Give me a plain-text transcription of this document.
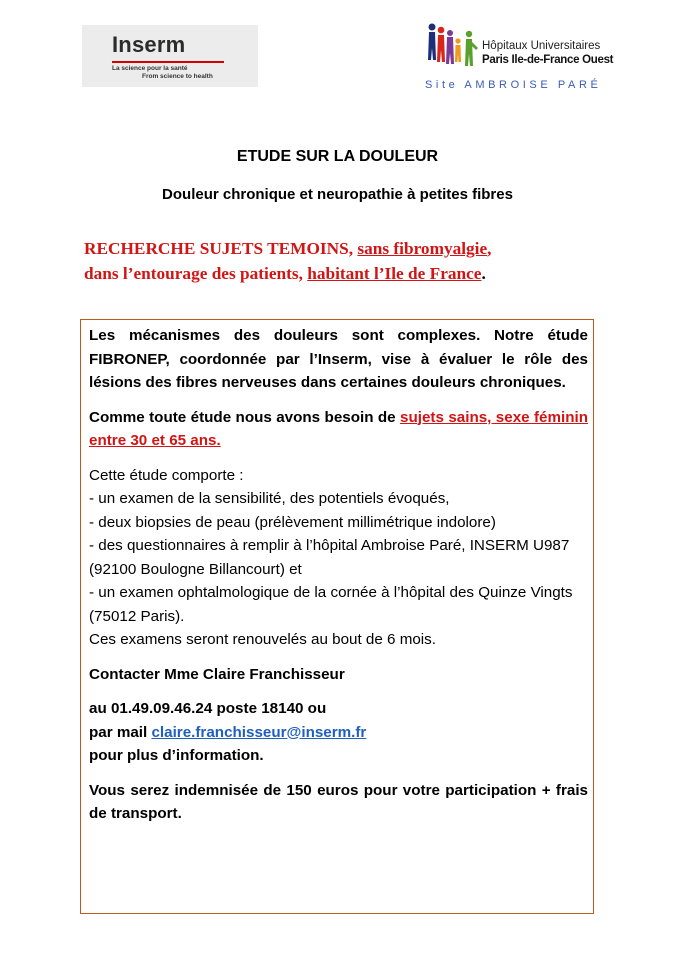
Inserm
La science pour la santé
From science to health
Hôpitaux Universitaires
Paris Ile-de-France Ouest
Site AMBROISE PARÉ
ETUDE SUR LA DOULEUR
Douleur chronique et neuropathie à petites fibres
RECHERCHE SUJETS TEMOINS, sans fibromyalgie,
dans l’entourage des patients, habitant l’Ile de France.

Les mécanismes des douleurs sont complexes. Notre étude FIBRONEP, coordonnée par l’Inserm, vise à évaluer le rôle des lésions des fibres nerveuses dans certaines douleurs chroniques.

Comme toute étude nous avons besoin de sujets sains, sexe féminin entre 30 et 65 ans.

Cette étude comporte :
- un examen de la sensibilité, des potentiels évoqués,
- deux biopsies de peau (prélèvement millimétrique indolore)
- des questionnaires à remplir à l’hôpital Ambroise Paré, INSERM U987 (92100 Boulogne Billancourt) et
- un examen ophtalmologique de la cornée à l’hôpital des Quinze Vingts (75012 Paris).
Ces examens seront renouvelés au bout de 6 mois.

Contacter Mme Claire Franchisseur

au 01.49.09.46.24 poste 18140 ou
par mail claire.franchisseur@inserm.fr
pour plus d’information.

Vous serez indemnisée de 150 euros pour votre participation + frais de transport.
